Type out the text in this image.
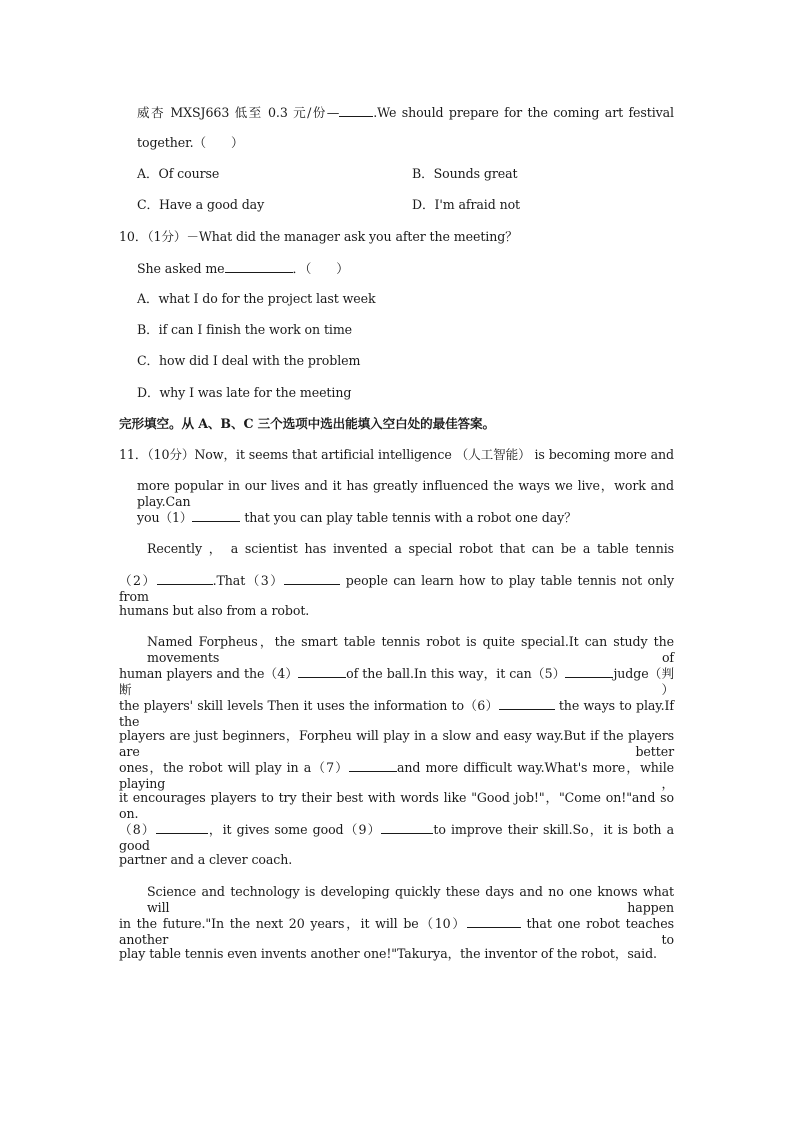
威杏 MXSJ663 低至 0.3 元/份—	.We should prepare for the coming art festival
together.（　　）
A．Of course	B．Sounds great
C．Have a good day	D．I'm afraid not
10．（1分）－What did the manager ask you after the meeting？
She asked me	．（　　）
A．what I do for the project last week
B．if can I finish the work on time
C．how did I deal with the problem
D．why I was late for the meeting
完形填空。从 A、B、C 三个选项中选出能填入空白处的最佳答案。
11．（10分）Now，it seems that artificial intelligence （人工智能） is becoming more and
more popular in our lives and it has greatly influenced the ways we live，work and play.Can
you（1）	that you can play table tennis with a robot one day？
Recently ， a scientist has invented a special robot that can be a table tennis
（2）	.That（3）	people can learn how to play table tennis not only from
humans but also from a robot.
Named Forpheus，the smart table tennis robot is quite special.It can study the movements of
human players and the（4）	of the ball.In this way，it can（5）	judge（判断）
the players' skill levels Then it uses the information to（6）	the ways to play.If the
players are just beginners，Forpheu will play in a slow and easy way.But if the players are better
ones，the robot will play in a（7）	and more difficult way.What's more，while playing，
it encourages players to try their best with words like "Good job!"，"Come on!"and so on.
（8）	，it gives some good（9）	to improve their skill.So，it is both a good
partner and a clever coach.
Science and technology is developing quickly these days and no one knows what will happen
in the future."In the next 20 years，it will be（10）	that one robot teaches another to
play table tennis even invents another one!"Takurya，the inventor of the robot，said.
